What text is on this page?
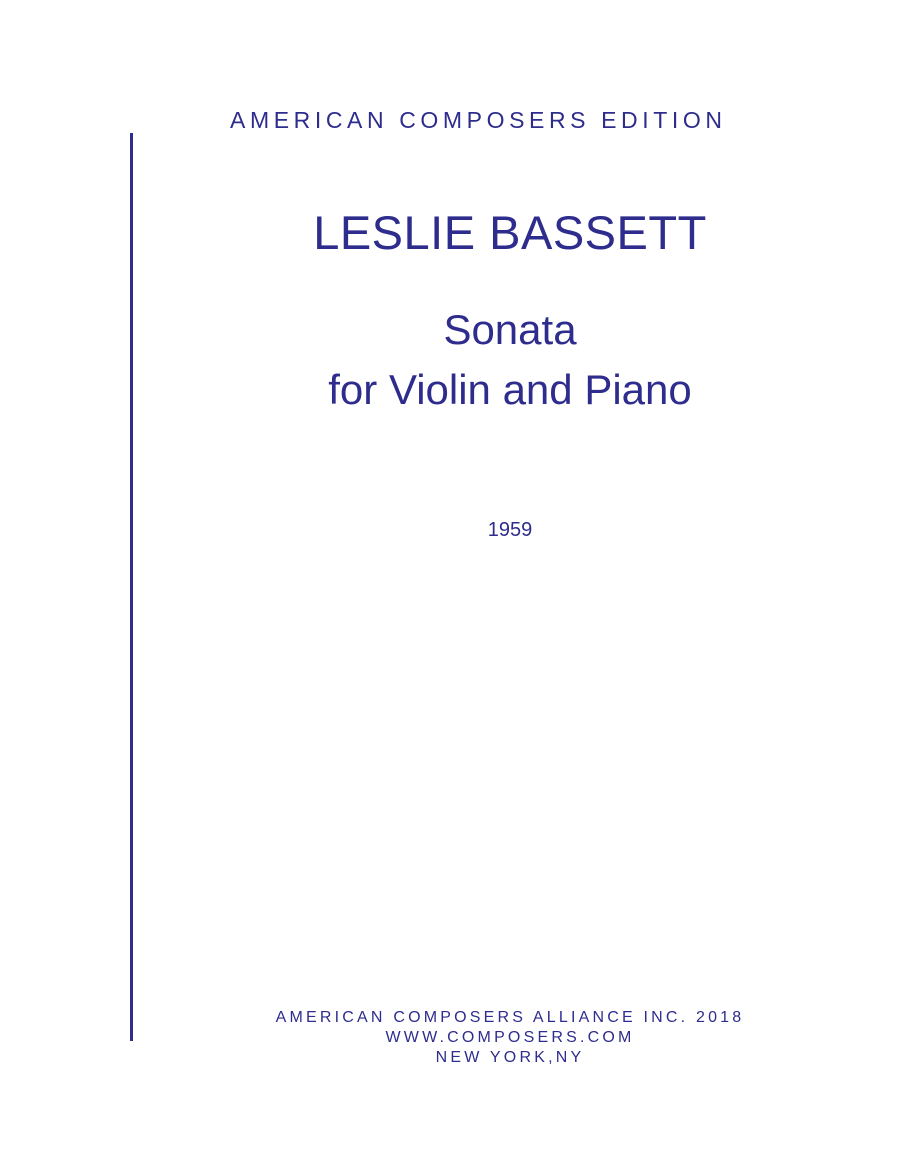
AMERICAN COMPOSERS EDITION
LESLIE BASSETT
Sonata
for Violin and Piano
1959
AMERICAN COMPOSERS ALLIANCE INC. 2018
WWW.COMPOSERS.COM
NEW YORK,NY
